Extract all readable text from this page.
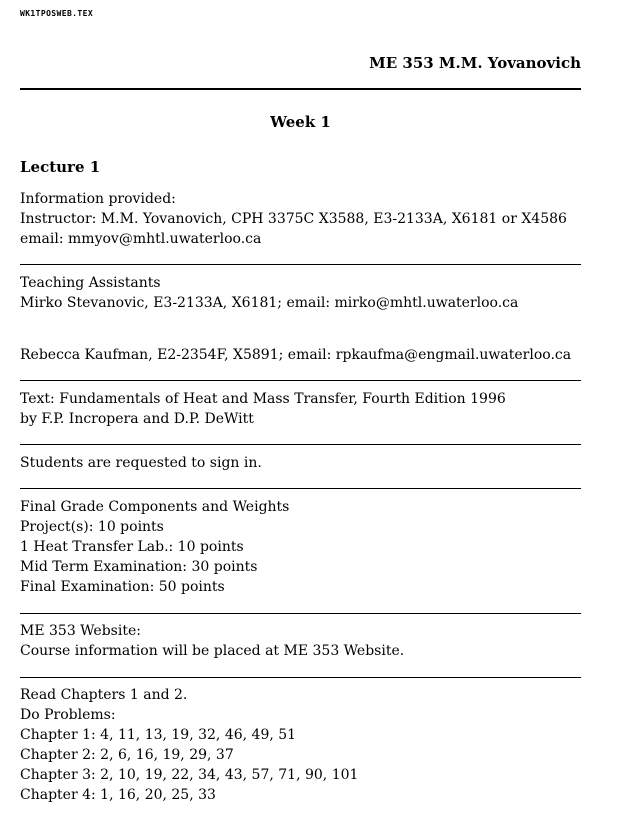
WK1TPOSWEB.TEX
ME 353 M.M. Yovanovich
Week 1
Lecture 1
Information provided:
Instructor: M.M. Yovanovich, CPH 3375C X3588, E3-2133A, X6181 or X4586
email: mmyov@mhtl.uwaterloo.ca
Teaching Assistants
Mirko Stevanovic, E3-2133A, X6181; email: mirko@mhtl.uwaterloo.ca
Rebecca Kaufman, E2-2354F, X5891; email: rpkaufma@engmail.uwaterloo.ca
Text: Fundamentals of Heat and Mass Transfer, Fourth Edition 1996
by F.P. Incropera and D.P. DeWitt
Students are requested to sign in.
Final Grade Components and Weights
Project(s): 10 points
1 Heat Transfer Lab.: 10 points
Mid Term Examination: 30 points
Final Examination: 50 points
ME 353 Website:
Course information will be placed at ME 353 Website.
Read Chapters 1 and 2.
Do Problems:
Chapter 1: 4, 11, 13, 19, 32, 46, 49, 51
Chapter 2: 2, 6, 16, 19, 29, 37
Chapter 3: 2, 10, 19, 22, 34, 43, 57, 71, 90, 101
Chapter 4: 1, 16, 20, 25, 33
